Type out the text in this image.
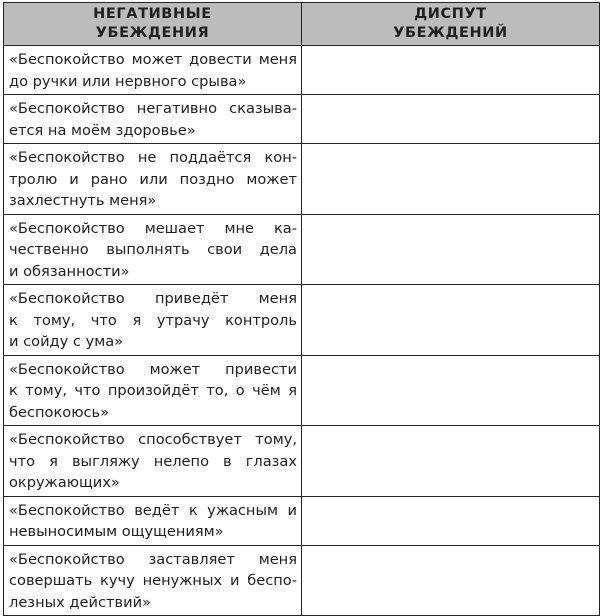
НЕГАТИВНЫЕ
УБЕЖДЕНИЯ	ДИСПУТ
УБЕЖДЕНИЙ

«Беспокойство может довести меня
до ручки или нервного срыва»	

«Беспокойство негативно сказыва-
ется на моём здоровье»	

«Беспокойство не поддаётся кон-
тролю и рано или поздно может
захлестнуть меня»	

«Беспокойство мешает мне ка-
чественно выполнять свои дела
и обязанности»	

«Беспокойство приведёт меня
к тому, что я утрачу контроль
и сойду с ума»	

«Беспокойство может привести
к тому, что произойдёт то, о чём я
беспокоюсь»	

«Беспокойство способствует тому,
что я выгляжу нелепо в глазах
окружающих»	

«Беспокойство ведёт к ужасным и
невыносимым ощущениям»	

«Беспокойство заставляет меня
совершать кучу ненужных и беспо-
лезных действий»	
